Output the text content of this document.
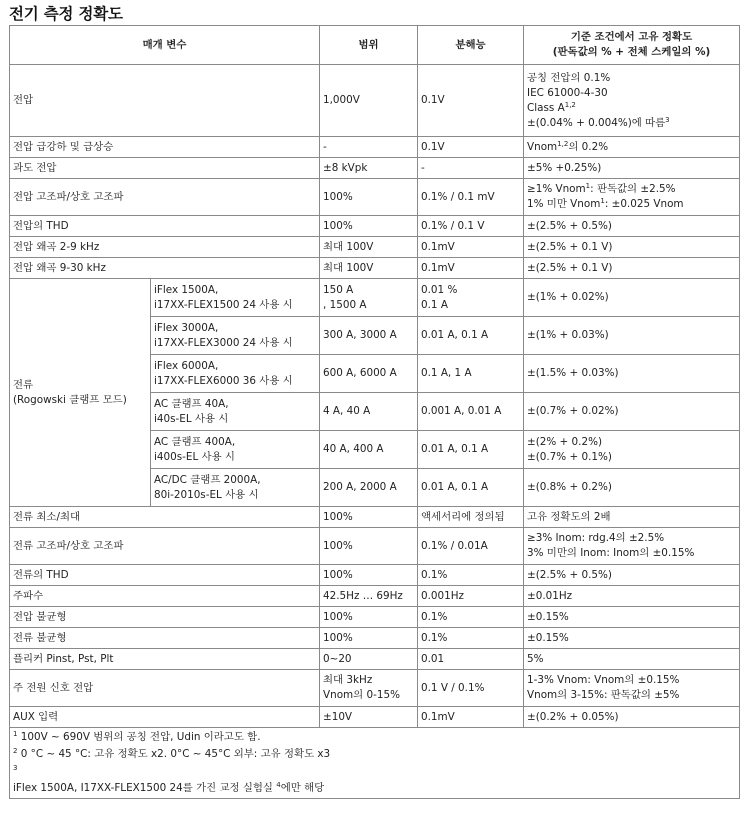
전기 측정 정확도
매개 변수		범위	분해능	기준 조건에서 고유 정확도
(판독값의 % + 전체 스케일의 %)

전압		1,000V	0.1V	공칭 전압의 0.1%
IEC 61000-4-30
Class A$^{1,2}$
±(0.04% + 0.004%)에 따름$^3$

전압 급강하 및 급상승		-	0.1V	Vnom$^{1,2}$의 0.2%
과도 전압		±8 kVpk	-	±5% +0.25%)
전압 고조파/상호 고조파		100%	0.1% / 0.1 mV	≥1% Vnom$^1$: 판독값의 ±2.5%
1% 미만 Vnom$^1$: ±0.025 Vnom

전압의 THD		100%	0.1% / 0.1 V	±(2.5% + 0.5%)
전압 왜곡 2-9 kHz		최대 100V	0.1mV	±(2.5% + 0.1 V)
전압 왜곡 9-30 kHz		최대 100V	0.1mV	±(2.5% + 0.1 V)

전류
(Rogowski 클램프 모드)	iFlex 1500A,
i17XX-FLEX1500 24 사용 시	150 A
, 1500 A	0.01 %
0.1 A	±(1% + 0.02%)

	iFlex 3000A,
i17XX-FLEX3000 24 사용 시	300 A, 3000 A	0.01 A, 0.1 A	±(1% + 0.03%)

	iFlex 6000A,
i17XX-FLEX6000 36 사용 시	600 A, 6000 A	0.1 A, 1 A	±(1.5% + 0.03%)

	AC 클램프 40A,
i40s-EL 사용 시	4 A, 40 A	0.001 A, 0.01 A	±(0.7% + 0.02%)

	AC 클램프 400A,
i400s-EL 사용 시	40 A, 400 A	0.01 A, 0.1 A	±(2% + 0.2%)
±(0.7% + 0.1%)

	AC/DC 클램프 2000A,
80i-2010s-EL 사용 시	200 A, 2000 A	0.01 A, 0.1 A	±(0.8% + 0.2%)
전류 최소/최대		100%	액세서리에 정의됨	고유 정확도의 2배
전류 고조파/상호 고조파		100%	0.1% / 0.01A	≥3% Inom: rdg.4의 ±2.5%
3% 미만의 Inom: Inom의 ±0.15%

전류의 THD		100%	0.1%	±(2.5% + 0.5%)
주파수		42.5Hz … 69Hz	0.001Hz	±0.01Hz
전압 불균형		100%	0.1%	±0.15%
전류 불균형		100%	0.1%	±0.15%
플리커 Pinst, Pst, Plt		0~20	0.01	5%
주 전원 신호 전압		최대 3kHz
Vnom의 0-15%	0.1 V / 0.1%	1-3% Vnom: Vnom의 ±0.15%
Vnom의 3-15%: 판독값의 ±5%

AUX 입력		±10V	0.1mV	±(0.2% + 0.05%)

$^1$ 100V ~ 690V 범위의 공칭 전압, Udin 이라고도 함.
$^2$ 0 °C ~ 45 °C: 고유 정확도 x2. 0°C ~ 45°C 외부: 고유 정확도 x3
$^3$
iFlex 1500A, I17XX-FLEX1500 24를 가진 교정 실험실 $^4$에만 해당				
